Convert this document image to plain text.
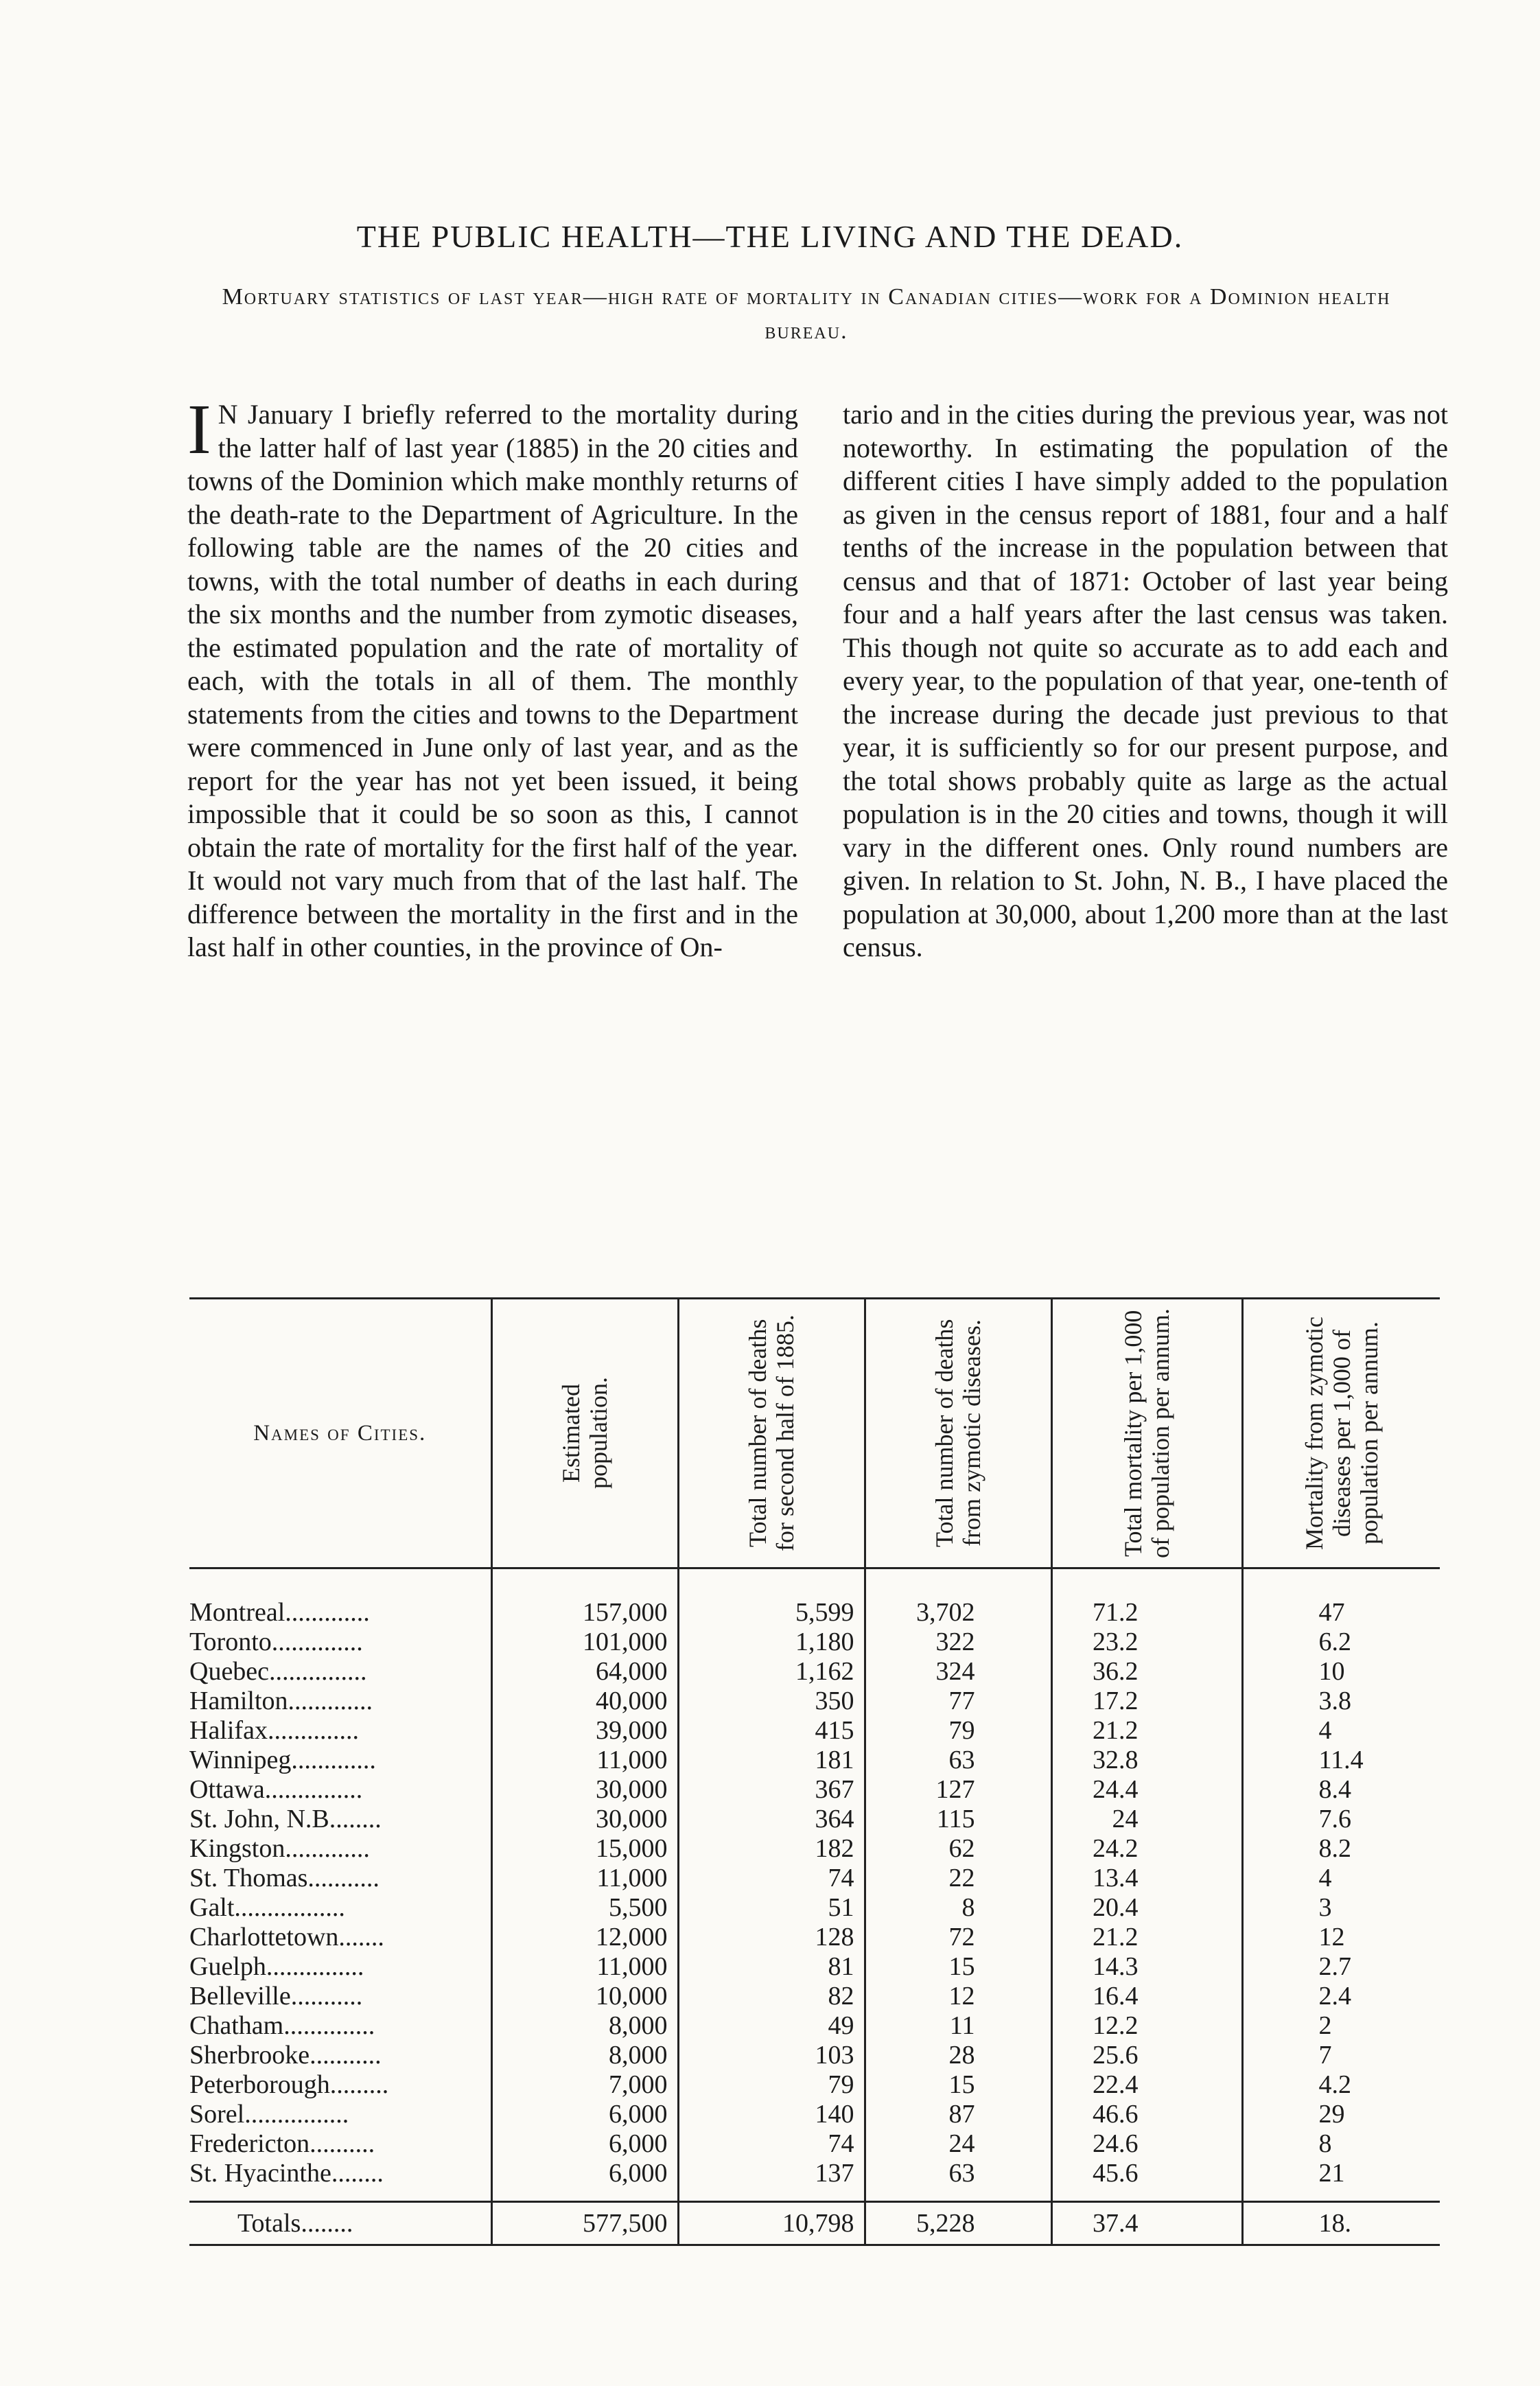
THE PUBLIC HEALTH—THE LIVING AND THE DEAD.
Mortuary statistics of last year—high rate of mortality in Canadian cities—work for a Dominion health bureau.

I N January I briefly referred to the mortality during the latter half of last year (1885) in the 20 cities and towns of the Dominion which make monthly returns of the death-rate to the Department of Agriculture. In the following table are the names of the 20 cities and towns, with the total number of deaths in each during the six months and the number from zymotic diseases, the estimated population and the rate of mortality of each, with the totals in all of them. The monthly statements from the cities and towns to the Department were commenced in June only of last year, and as the report for the year has not yet been issued, it being impossible that it could be so soon as this, I cannot obtain the rate of mortality for the first half of the year. It would not vary much from that of the last half. The difference between the mortality in the first and in the last half in other counties, in the province of On-

tario and in the cities during the previous year, was not noteworthy. In estimating the population of the different cities I have simply added to the population as given in the census report of 1881, four and a half tenths of the increase in the population between that census and that of 1871: October of last year being four and a half years after the last census was taken. This though not quite so accurate as to add each and every year, to the population of that year, one-tenth of the increase during the decade just previous to that year, it is sufficiently so for our present purpose, and the total shows probably quite as large as the actual population is in the 20 cities and towns, though it will vary in the different ones. Only round numbers are given. In relation to St. John, N. B., I have placed the population at 30,000, about 1,200 more than at the last census.

Names of Cities.	Estimated population.	Total number of deaths for second half of 1885.	Total number of deaths from zymotic diseases.	Total mortality per 1,000 of population per annum.	Mortality from zymotic diseases per 1,000 of population per annum.

Montreal.............	157,000	5,599	3,702	71.2	47
Toronto..............	101,000	1,180	322	23.2	6.2
Quebec...............	64,000	1,162	324	36.2	10
Hamilton.............	40,000	350	77	17.2	3.8
Halifax..............	39,000	415	79	21.2	4
Winnipeg.............	11,000	181	63	32.8	11.4
Ottawa...............	30,000	367	127	24.4	8.4
St. John, N.B........	30,000	364	115	24	7.6
Kingston.............	15,000	182	62	24.2	8.2
St. Thomas...........	11,000	74	22	13.4	4
Galt.................	5,500	51	8	20.4	3
Charlottetown.......	12,000	128	72	21.2	12
Guelph...............	11,000	81	15	14.3	2.7
Belleville...........	10,000	82	12	16.4	2.4
Chatham..............	8,000	49	11	12.2	2
Sherbrooke...........	8,000	103	28	25.6	7
Peterborough.........	7,000	79	15	22.4	4.2
Sorel................	6,000	140	87	46.6	29
Fredericton..........	6,000	74	24	24.6	8
St. Hyacinthe........	6,000	137	63	45.6	21
Totals........	577,500	10,798	5,228	37.4	18.
